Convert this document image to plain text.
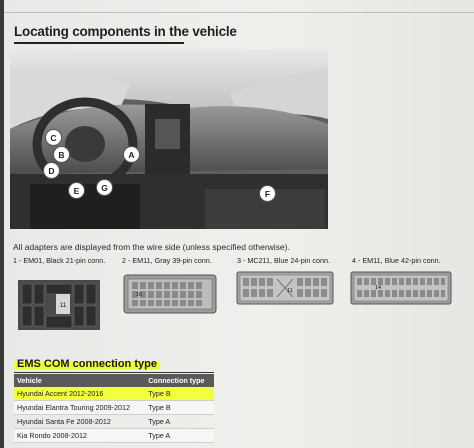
Locating components in the vehicle
A
B
C
D
E	F
G
All adapters are displayed from the wire side (unless specified otherwise).
1 - EM01, Black 21-pin conn. 2 - EM11, Gray 39-pin conn.	3 - MC211, Blue 24-pin conn.	4 - EM11, Blue 42-pin conn.
11
16
11	14
EMS COM connection type
Vehicle	Connection type
Hyundai Accent 2012-2016	Type B
Hyundai Elantra Touring 2009-2012	Type B
Hyundai Santa Fe 2008-2012	Type A
Kia Rondo 2008-2012	Type A
